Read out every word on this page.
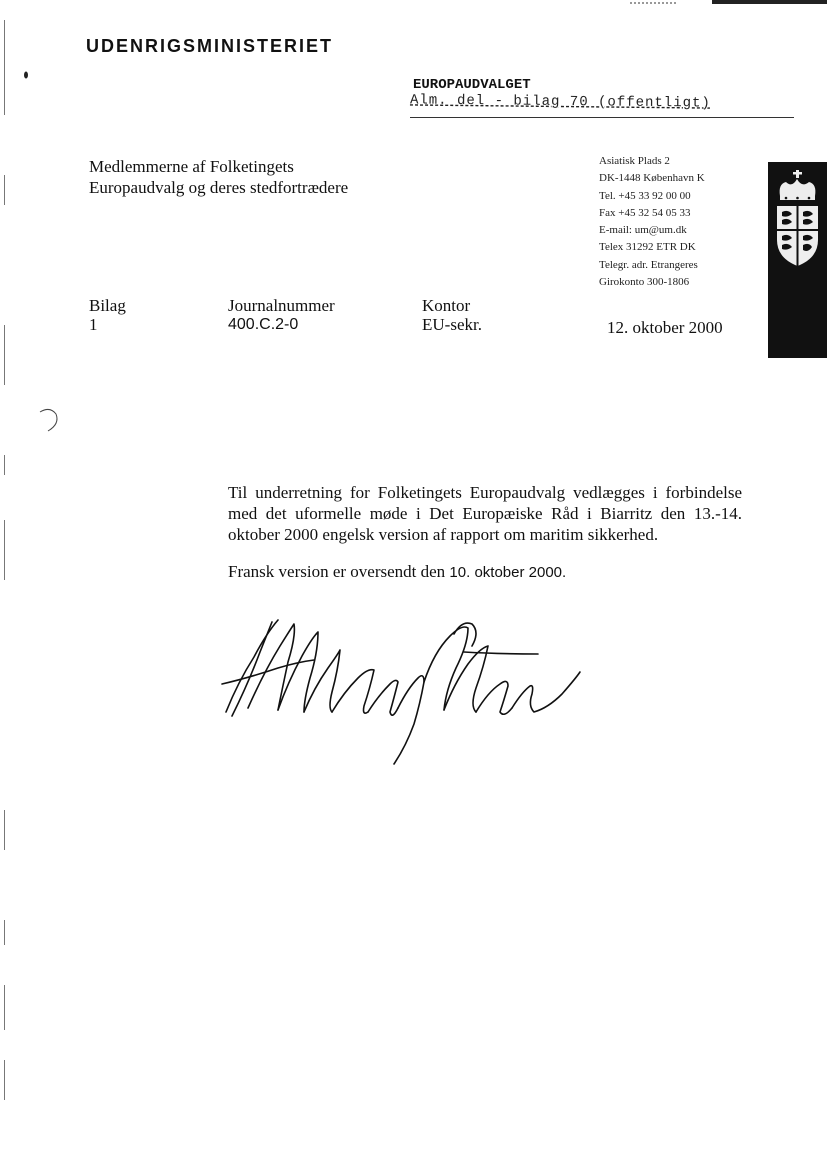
UDENRIGSMINISTERIET
EUROPAUDVALGET
Alm. del - bilag 70 (offentligt)
Medlemmerne af Folketingets
Europaudvalg og deres stedfortrædere
Asiatisk Plads 2
DK-1448 København K
Tel. +45 33 92 00 00
Fax +45 32 54 05 33
E-mail: um@um.dk
Telex 31292 ETR DK
Telegr. adr. Etrangeres
Girokonto 300-1806
Bilag
1
Journalnummer
400.C.2-0
Kontor
EU-sekr.	12. oktober 2000

Til underretning for Folketingets Europaudvalg vedlægges i forbindelse med det uformelle møde i Det Europæiske Råd i Biarritz den 13.-14. oktober 2000 engelsk version af rapport om maritim sikkerhed.

Fransk version er oversendt den 10. oktober 2000.
